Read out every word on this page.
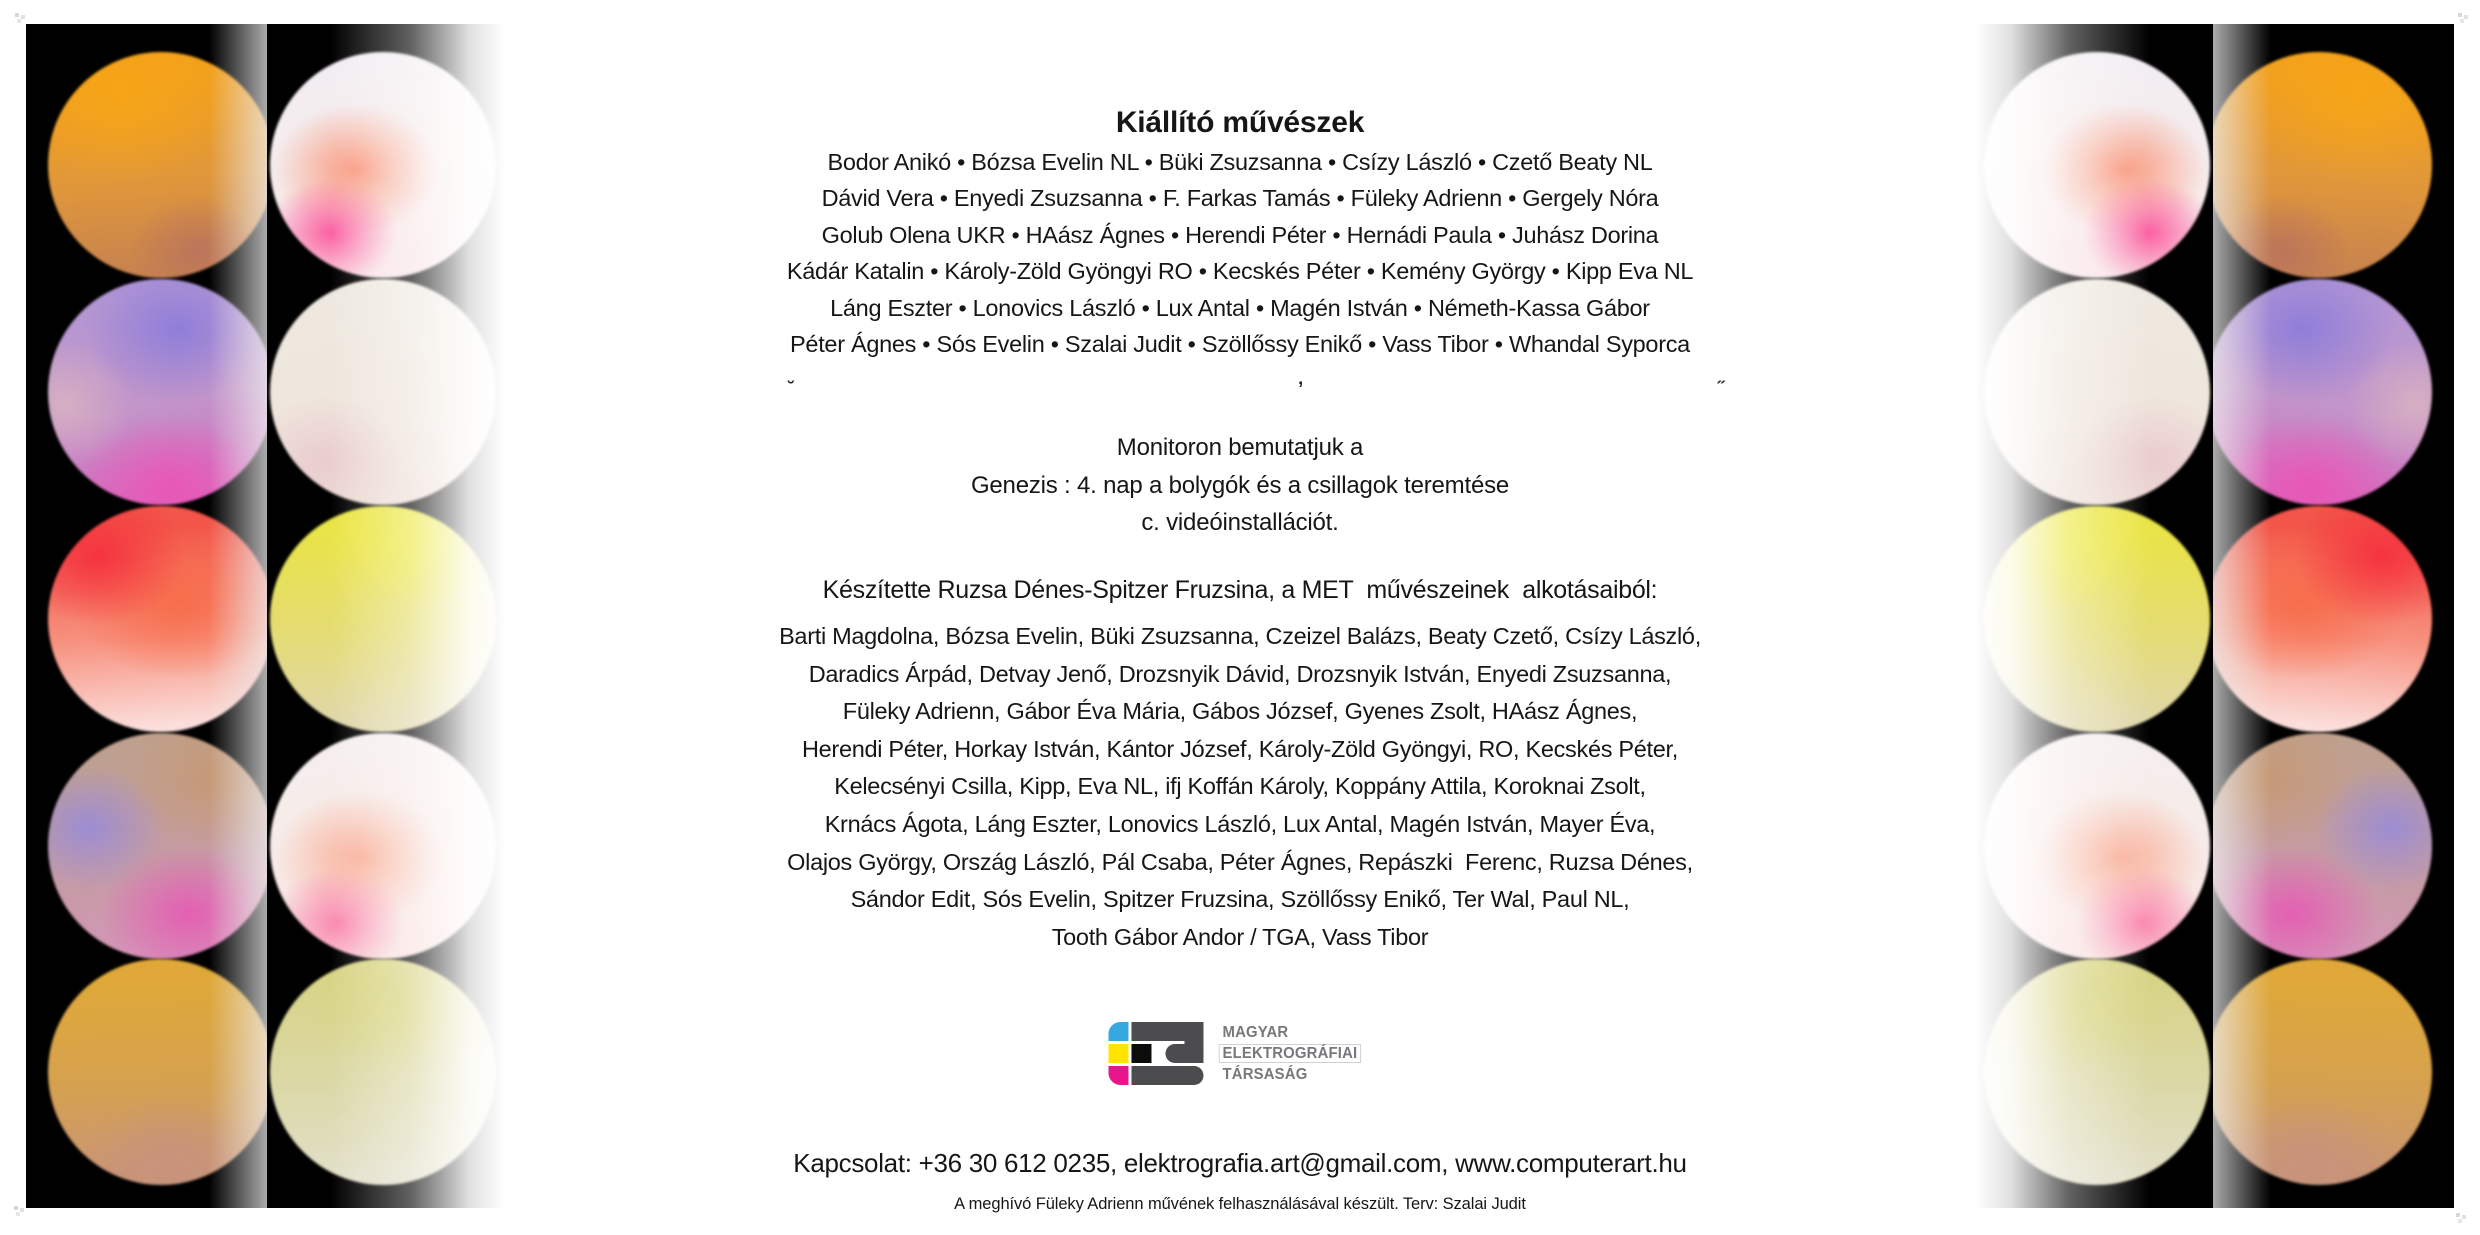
Kiállító művészek
Bodor Anikó • Bózsa Evelin NL • Büki Zsuzsanna • Csízy László • Czető Beaty NL
Dávid Vera • Enyedi Zsuzsanna • F. Farkas Tamás • Füleky Adrienn • Gergely Nóra
Golub Olena UKR • HAász Ágnes • Herendi Péter • Hernádi Paula • Juhász Dorina
Kádár Katalin • Károly-Zöld Gyöngyi RO • Kecskés Péter • Kemény György • Kipp Eva NL
Láng Eszter • Lonovics László • Lux Antal • Magén István • Németh-Kassa Gábor
Péter Ágnes • Sós Evelin • Szalai Judit • Szöllőssy Enikő • Vass Tibor • Whandal Syporca
˘	ʼ	˝
Monitoron bemutatjuk a
Genezis : 4. nap a bolygók és a csillagok teremtése
c. videóinstallációt.

Készítette Ruzsa Dénes-Spitzer Fruzsina, a MET  művészeinek  alkotásaiból:

Barti Magdolna, Bózsa Evelin, Büki Zsuzsanna, Czeizel Balázs, Beaty Czető, Csízy László,
Daradics Árpád, Detvay Jenő, Drozsnyik Dávid, Drozsnyik István, Enyedi Zsuzsanna,
Füleky Adrienn, Gábor Éva Mária, Gábos József, Gyenes Zsolt, HAász Ágnes,
Herendi Péter, Horkay István, Kántor József, Károly-Zöld Gyöngyi, RO, Kecskés Péter,
Kelecsényi Csilla, Kipp, Eva NL, ifj Koffán Károly, Koppány Attila, Koroknai Zsolt,
Krnács Ágota, Láng Eszter, Lonovics László, Lux Antal, Magén István, Mayer Éva,
Olajos György, Ország László, Pál Csaba, Péter Ágnes, Repászki  Ferenc, Ruzsa Dénes,
Sándor Edit, Sós Evelin, Spitzer Fruzsina, Szöllőssy Enikő, Ter Wal, Paul NL,
Tooth Gábor Andor / TGA, Vass Tibor
MAGYAR
ELEKTROGRÁFIAI
TÁRSASÁG

Kapcsolat: +36 30 612 0235, elektrografia.art@gmail.com, www.computerart.hu

A meghívó Füleky Adrienn művének felhasználásával készült. Terv: Szalai Judit
